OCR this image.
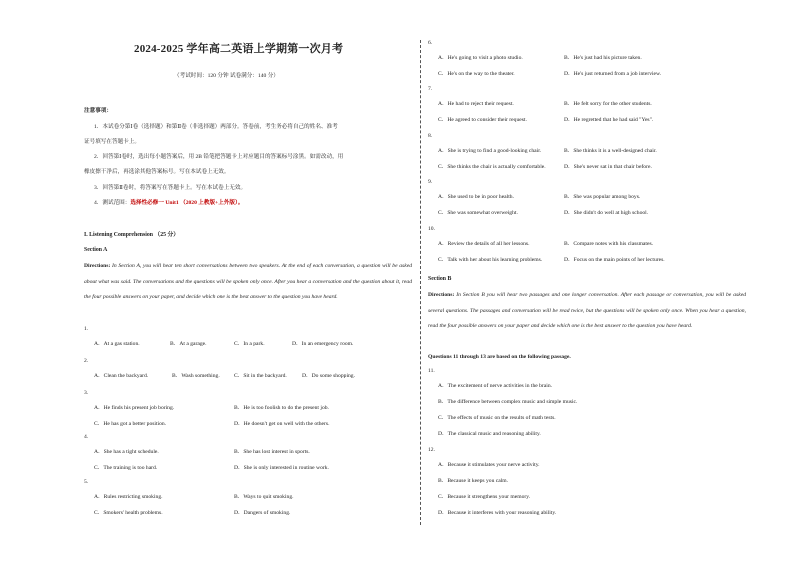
2024-2025 学年高二英语上学期第一次月考
（考试时间：120 分钟 试卷满分：140 分）
注意事项：
1．本试卷分第Ⅰ卷（选择题）和第Ⅱ卷（非选择题）两部分。答卷前，考生务必将自己的姓名、准考
证号填写在答题卡上。
2．回答第Ⅰ卷时，选出每小题答案后，用 2B 铅笔把答题卡上对应题目的答案标号涂黑。如需改动，用
橡皮擦干净后，再选涂其他答案标号。写在本试卷上无效。
3．回答第Ⅱ卷时，将答案写在答题卡上。写在本试卷上无效。
4．测试范围：选择性必修一 Unit1 （2020 上教版+上外版）。
I. Listening Comprehension （25 分）
Section A
Directions: In Section A, you will hear ten short conversations between two speakers. At the end of each conversation, a question will be asked about what was said. The conversations and the questions will be spoken only once. After you hear a conversation and the question about it, read the four possible answers on your paper, and decide which one is the best answer to the question you have heard.
1.
A．At a gas station.	B．At a garage.	C．In a park.	D．In an emergency room.
2.
A．Clean the backyard.	B．Wash something.	C．Sit in the backyard.	D．Do some shopping.
3.
A．He finds his present job boring.	B．He is too foolish to do the present job.
C．He has got a better position.	D．He doesn't get on well with the others.
4.
A．She has a tight schedule.	B．She has lost interest in sports.
C．The training is too hard.	D．She is only interested in routine work.
5.
A．Rules restricting smoking.	B．Ways to quit smoking.
C．Smokers' health problems.	D．Dangers of smoking.
6.
A．He's going to visit a photo studio.	B．He's just had his picture taken.
C．He's on the way to the theater.	D．He's just returned from a job interview.
7.
A．He had to reject their request.	B．He felt sorry for the other students.
C．He agreed to consider their request.	D．He regretted that he had said "Yes".
8.
A．She is trying to find a good-looking chair.	B．She thinks it is a well-designed chair.
C．She thinks the chair is actually comfortable.	D．She's never sat in that chair before.
9.
A．She used to be in poor health.	B．She was popular among boys.
C．She was somewhat overweight.	D．She didn't do well at high school.
10.
A．Review the details of all her lessons.	B．Compare notes with his classmates.
C．Talk with her about his learning problems.	D．Focus on the main points of her lectures.
Section B
Directions: In Section B you will hear two passages and one longer conversation. After each passage or conversation, you will be asked several questions. The passages and conversation will be read twice, but the questions will be spoken only once. When you hear a question, read the four possible answers on your paper and decide which one is the best answer to the question you have heard.
Questions 11 through 13 are based on the following passage.
11.
A．The excitement of nerve activities in the brain.
B．The difference between complex music and simple music.
C．The effects of music on the results of math tests.
D．The classical music and reasoning ability.
12.
A．Because it stimulates your nerve activity.
B．Because it keeps you calm.
C．Because it strengthens your memory.
D．Because it interferes with your reasoning ability.
